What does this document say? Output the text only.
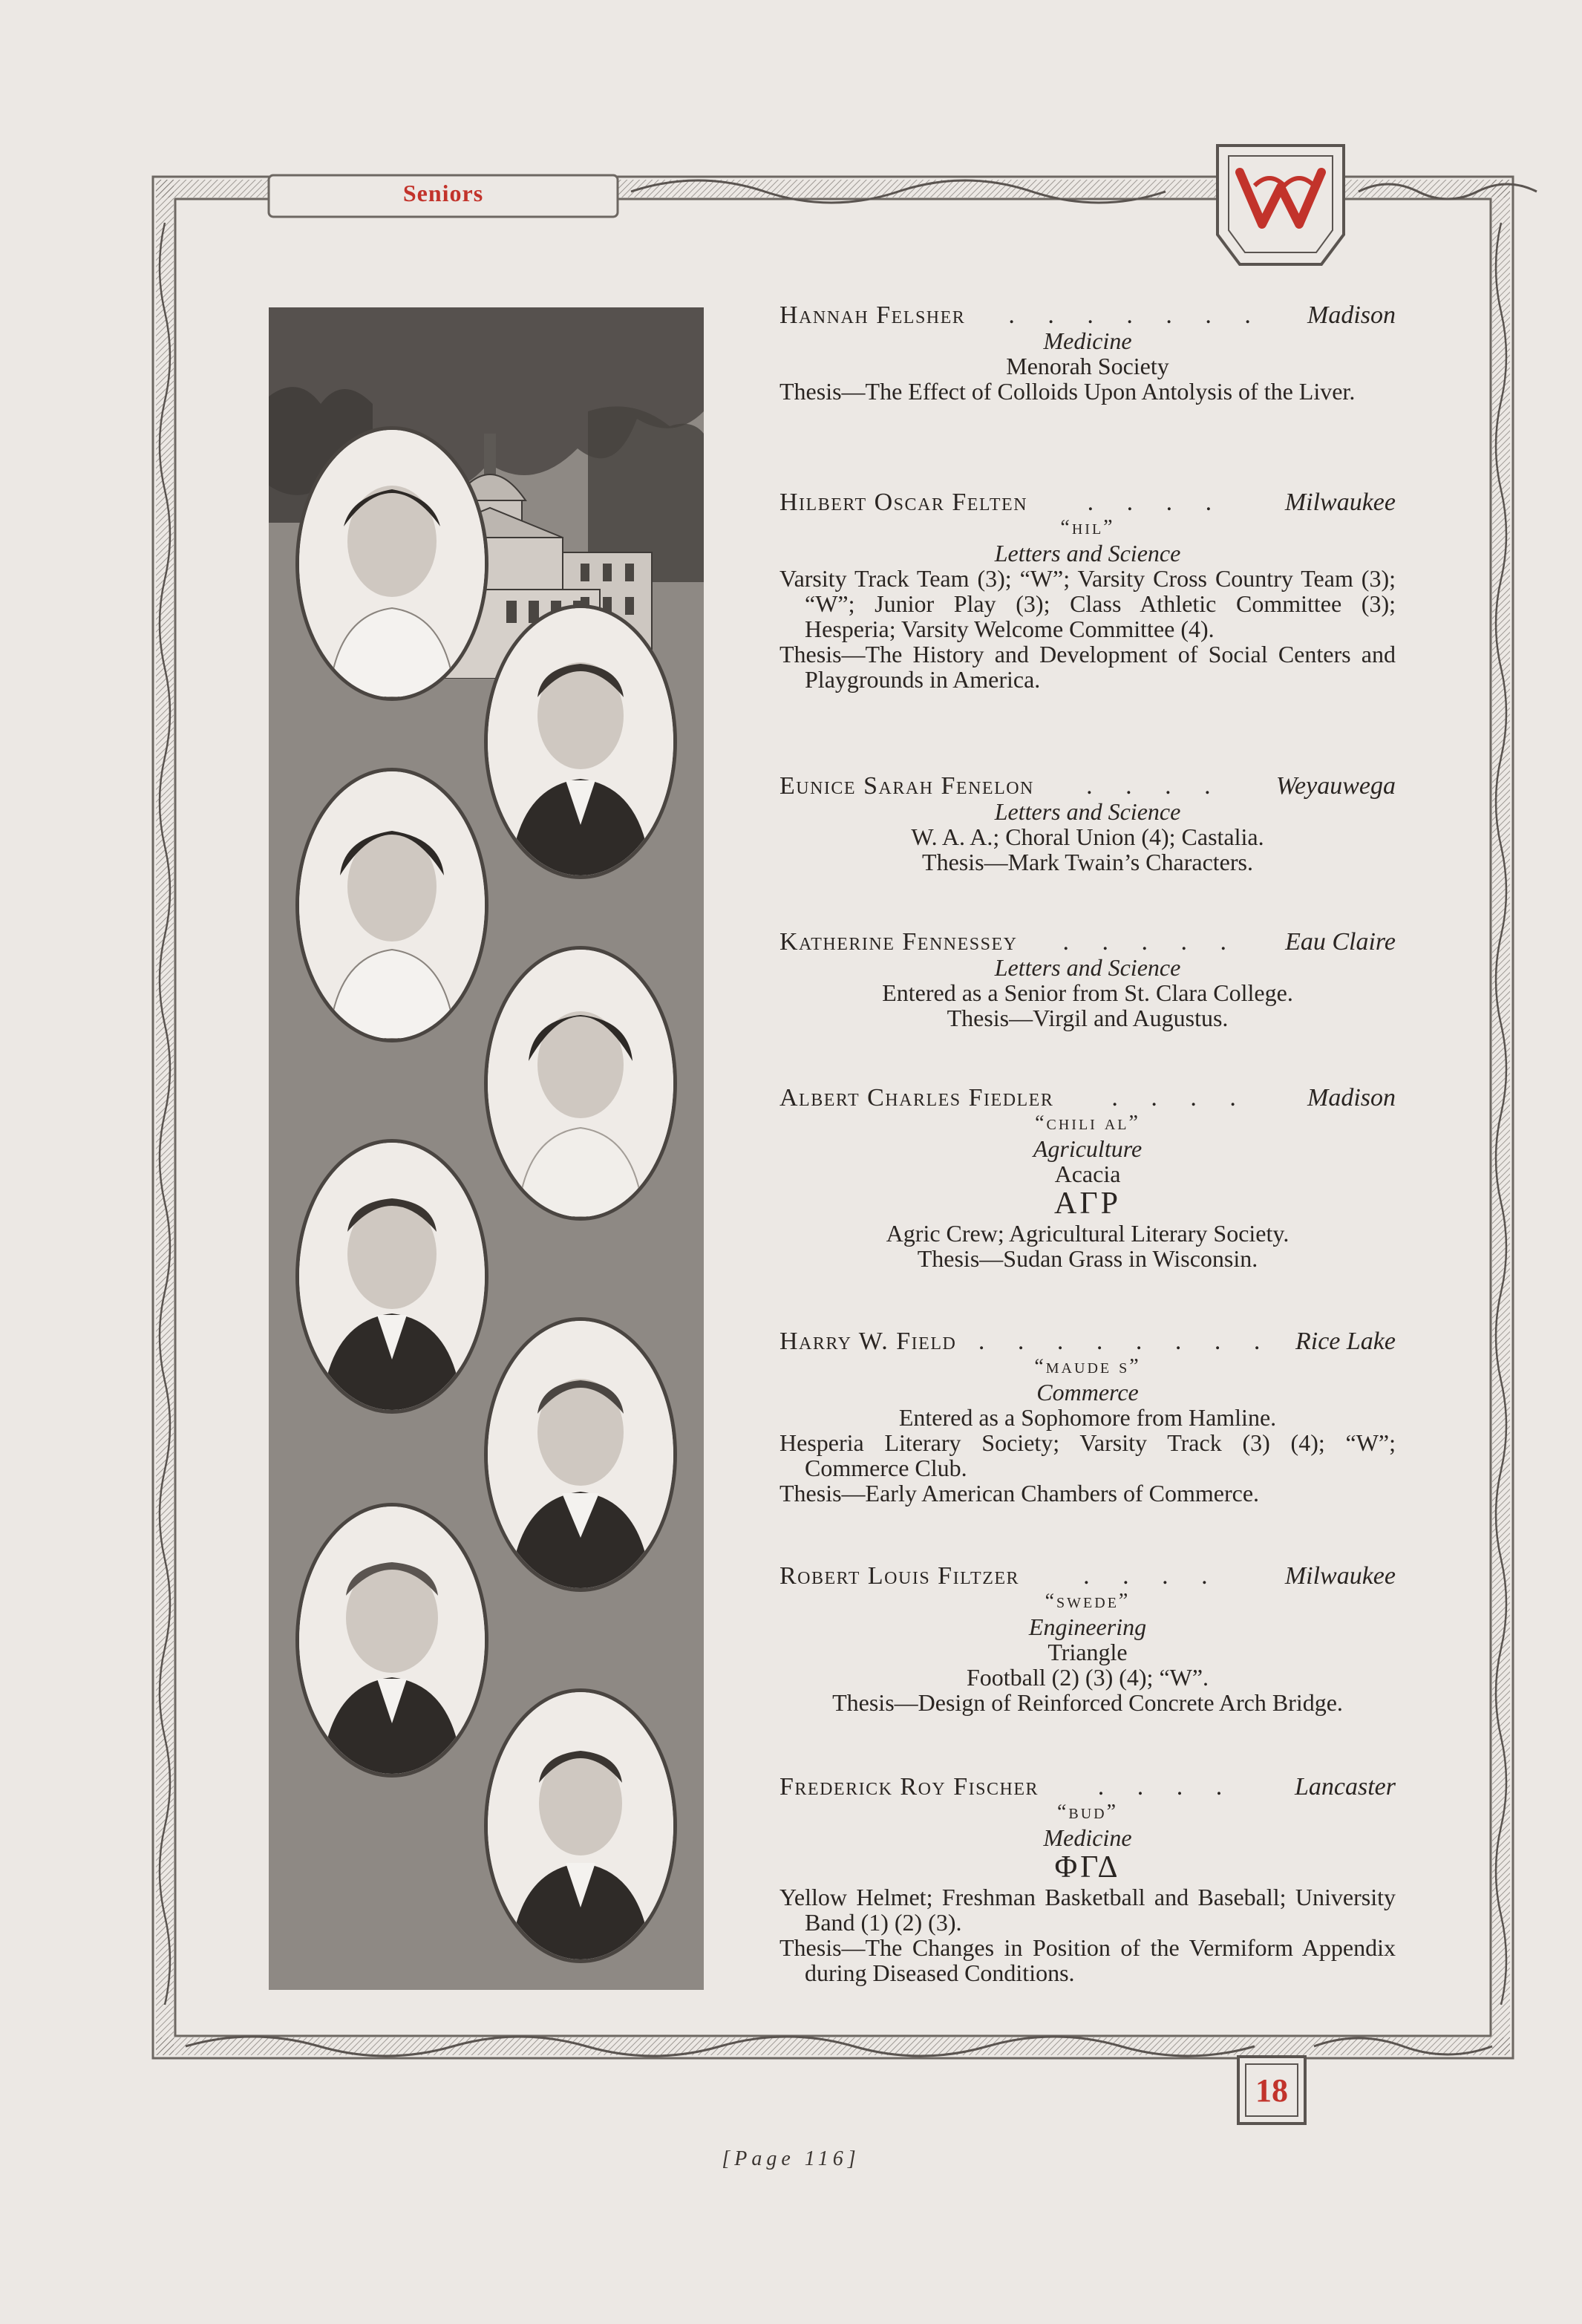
Seniors
18
Hannah Felsher	. . . . . . .	Madison
Medicine
Menorah Society
Thesis—The Effect of Colloids Upon Antolysis of the Liver.
Hilbert Oscar Felten	. . . .	Milwaukee
“hil”
Letters and Science
Varsity Track Team (3); “W”; Varsity Cross Country Team (3); “W”; Junior Play (3); Class Athletic Committee (3); Hesperia; Varsity Welcome Committee (4).
Thesis—The History and Development of Social Centers and Playgrounds in America.
Eunice Sarah Fenelon	. . . .	Weyauwega
Letters and Science
W. A. A.; Choral Union (4); Castalia.
Thesis—Mark Twain’s Characters.
Katherine Fennessey	. . . . .	Eau Claire
Letters and Science
Entered as a Senior from St. Clara College.
Thesis—Virgil and Augustus.
Albert Charles Fiedler	. . . .	Madison
“chili al”
Agriculture
Acacia
ΑΓΡ
Agric Crew; Agricultural Literary Society.
Thesis—Sudan Grass in Wisconsin.
Harry W. Field . . . . . . . . Rice Lake
“maude s”
Commerce
Entered as a Sophomore from Hamline.
Hesperia Literary Society; Varsity Track (3) (4); “W”; Commerce Club.
Thesis—Early American Chambers of Commerce.
Robert Louis Filtzer	. . . .	Milwaukee
“swede”
Engineering
Triangle
Football (2) (3) (4); “W”.
Thesis—Design of Reinforced Concrete Arch Bridge.
Frederick Roy Fischer	. . . .	Lancaster
“bud”
Medicine
ΦΓΔ
Yellow Helmet; Freshman Basketball and Baseball; University Band (1) (2) (3).
Thesis—The Changes in Position of the Vermiform Appendix during Diseased Conditions.
[Page 116]
